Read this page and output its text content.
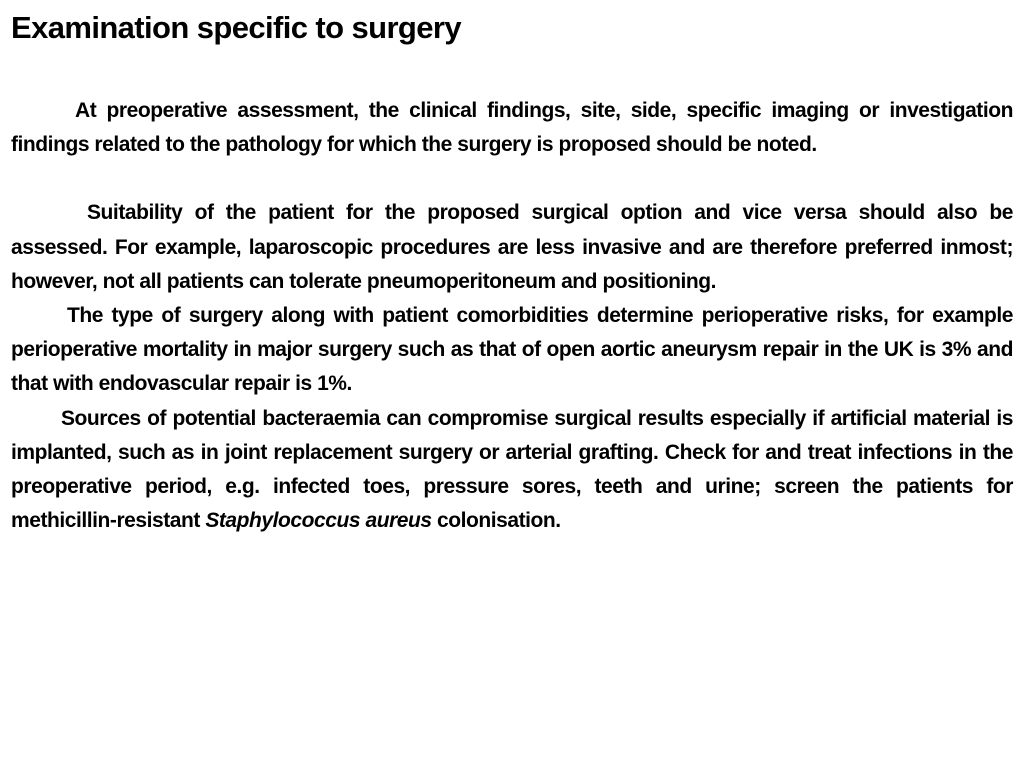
Examination specific to surgery

At preoperative assessment, the clinical findings, site, side, specific imaging or investigation findings related to the pathology for which the surgery is proposed should be noted.

Suitability of the patient for the proposed surgical option and vice versa should also be assessed. For example, laparoscopic procedures are less invasive and are therefore preferred inmost; however, not all patients can tolerate pneumoperitoneum and positioning.

The type of surgery along with patient comorbidities determine perioperative risks, for example perioperative mortality in major surgery such as that of open aortic aneurysm repair in the UK is 3% and that with endovascular repair is 1%.

Sources of potential bacteraemia can compromise surgical results especially if artificial material is implanted, such as in joint replacement surgery or arterial grafting. Check for and treat infections in the preoperative period, e.g. infected toes, pressure sores, teeth and urine; screen the patients for methicillin-resistant Staphylococcus aureus colonisation.
